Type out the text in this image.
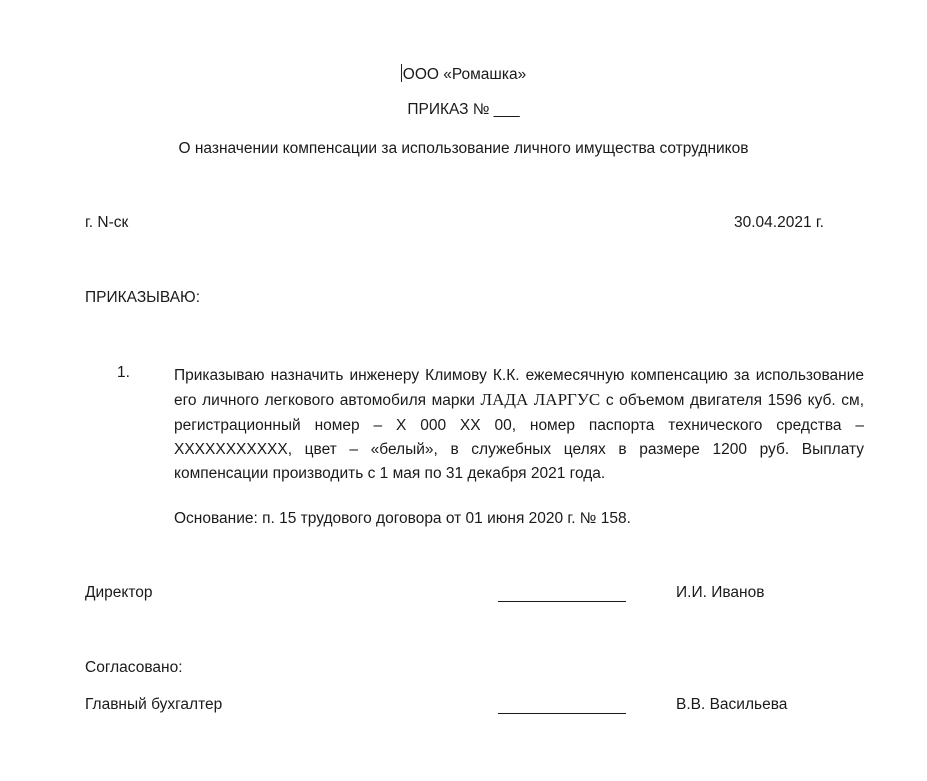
ООО «Ромашка»
ПРИКАЗ № ___
О назначении компенсации за использование личного имущества сотрудников
г. N-ск	30.04.2021 г.
ПРИКАЗЫВАЮ:
1.	Приказываю назначить инженеру Климову К.К. ежемесячную компенсацию за использование его личного легкового автомобиля марки ЛАДА ЛАРГУС с объемом двигателя 1596 куб. см, регистрационный номер – Х 000 ХХ 00, номер паспорта технического средства – ХХХХХХХХХХХ, цвет – «белый», в служебных целях в размере 1200 руб. Выплату компенсации производить с 1 мая по 31 декабря 2021 года.
Основание: п. 15 трудового договора от 01 июня 2020 г. № 158.
Директор	И.И. Иванов
Согласовано:
Главный бухгалтер	В.В. Васильева
